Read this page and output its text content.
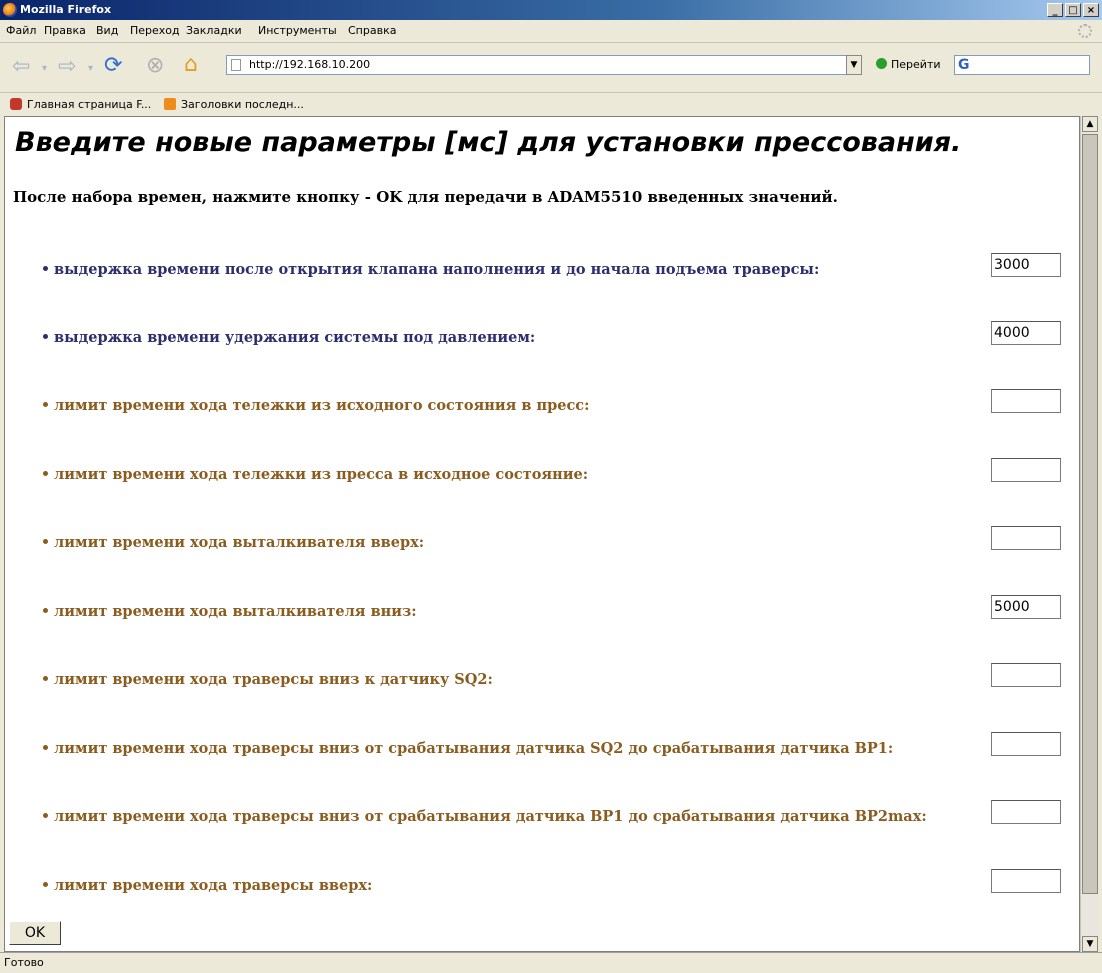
Mozilla Firefox	_	□ ×
Файл Правка Вид Переход Закладки Инструменты Справка
⇦ ▾ ⇨ ▾ ⟳ ⊗ ⌂	http://192.168.10.200	▼	Перейти G
Главная страница F...	Заголовки последн...
Введите новые параметры [мс] для установки прессования.
После набора времен, нажмите кнопку - OK для передачи в ADAM5510 введенных значений.
выдержка времени после открытия клапана наполнения и до начала подъема траверсы:	3000
выдержка времени удержания системы под давлением:	4000
лимит времени хода тележки из исходного состояния в пресс:
лимит времени хода тележки из пресса в исходное состояние:
лимит времени хода выталкивателя вверх:
лимит времени хода выталкивателя вниз:	5000
лимит времени хода траверсы вниз к датчику SQ2:
лимит времени хода траверсы вниз от срабатывания датчика SQ2 до срабатывания датчика BP1:
лимит времени хода траверсы вниз от срабатывания датчика BP1 до срабатывания датчика BP2max:
лимит времени хода траверсы вверх:
OK
▲
▼
Готово
